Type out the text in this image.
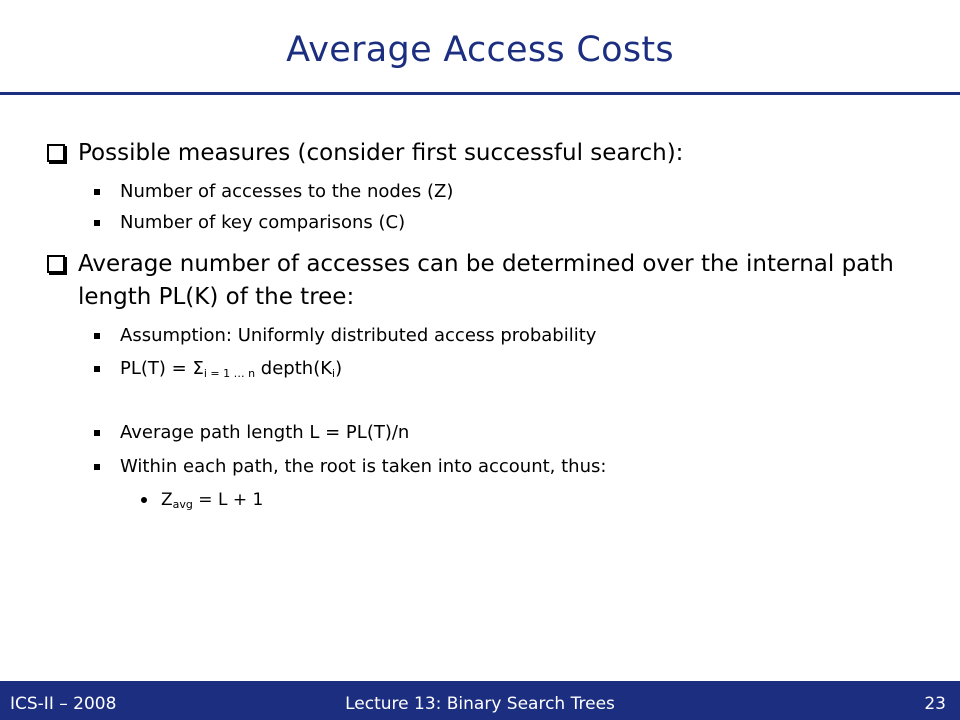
Average Access Costs
Possible measures (consider first successful search):
Number of accesses to the nodes (Z)
Number of key comparisons (C)
Average number of accesses can be determined over the internal path length PL(K) of the tree:
Assumption: Uniformly distributed access probability
$PL(T) = \Sigma_{i = 1 \dots n}$ $depth(K_i)$
Average path length L = PL(T)/n
Within each path, the root is taken into account, thus:
$Z_{avg} = L + 1$
Lecture 13: Binary Search Trees
ICS-II – 2008	23
